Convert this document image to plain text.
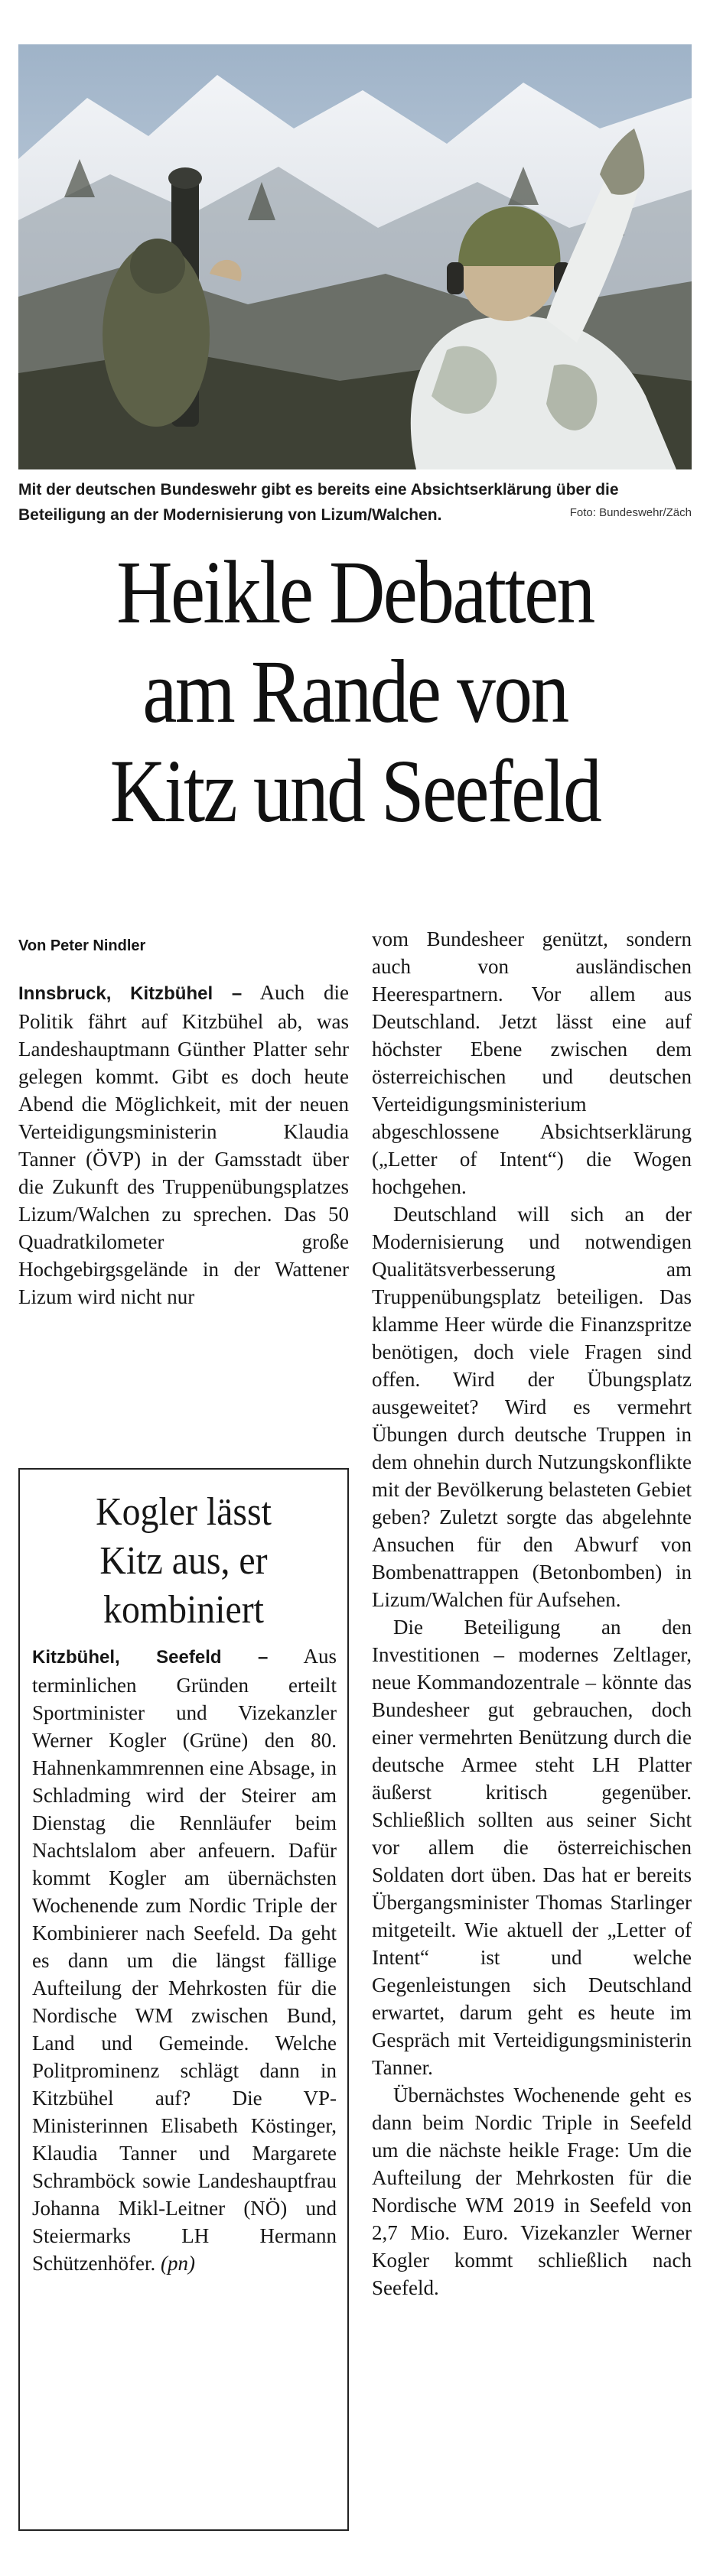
Mit der deutschen Bundeswehr gibt es bereits eine Absichtserklärung über die Beteiligung an der Modernisierung von Lizum/Walchen.	Foto: Bundeswehr/Zäch
Heikle Debatten
am Rande von
Kitz und Seefeld
Von Peter Nindler

Innsbruck, Kitzbühel – Auch die Politik fährt auf Kitzbühel ab, was Landeshauptmann Günther Platter sehr gelegen kommt. Gibt es doch heute Abend die Möglichkeit, mit der neuen Verteidigungsministerin Klaudia Tanner (ÖVP) in der Gamsstadt über die Zukunft des Truppenübungsplatzes Lizum/Walchen zu sprechen. Das 50 Quadratkilometer große Hochgebirgsgelände in der Wattener Lizum wird nicht nur

Kogler lässt
Kitz aus, er
kombiniert

Kitzbühel, Seefeld – Aus terminlichen Gründen erteilt Sportminister und Vizekanzler Werner Kogler (Grüne) den 80. Hahnenkammrennen eine Absage, in Schladming wird der Steirer am Dienstag die Rennläufer beim Nachtslalom aber anfeuern. Dafür kommt Kogler am übernächsten Wochenende zum Nordic Triple der Kombinierer nach Seefeld. Da geht es dann um die längst fällige Aufteilung der Mehrkosten für die Nordische WM zwischen Bund, Land und Gemeinde. Welche Politprominenz schlägt dann in Kitzbühel auf? Die VP-Ministerinnen Elisabeth Köstinger, Klaudia Tanner und Margarete Schramböck sowie Landeshauptfrau Johanna Mikl-Leitner (NÖ) und Steiermarks LH Hermann Schützenhöfer. (pn)

vom Bundesheer genützt, sondern auch von ausländischen Heerespartnern. Vor allem aus Deutschland. Jetzt lässt eine auf höchster Ebene zwischen dem österreichischen und deutschen Verteidigungsministerium abgeschlossene Absichtserklärung („Letter of Intent“) die Wogen hochgehen.

Deutschland will sich an der Modernisierung und notwendigen Qualitätsverbesserung am Truppenübungsplatz beteiligen. Das klamme Heer würde die Finanzspritze benötigen, doch viele Fragen sind offen. Wird der Übungsplatz ausgeweitet? Wird es vermehrt Übungen durch deutsche Truppen in dem ohnehin durch Nutzungskonflikte mit der Bevölkerung belasteten Gebiet geben? Zuletzt sorgte das abgelehnte Ansuchen für den Abwurf von Bombenattrappen (Betonbomben) in Lizum/Walchen für Aufsehen.

Die Beteiligung an den Investitionen – modernes Zeltlager, neue Kommandozentrale – könnte das Bundesheer gut gebrauchen, doch einer vermehrten Benützung durch die deutsche Armee steht LH Platter äußerst kritisch gegenüber. Schließlich sollten aus seiner Sicht vor allem die österreichischen Soldaten dort üben. Das hat er bereits Übergangsminister Thomas Starlinger mitgeteilt. Wie aktuell der „Letter of Intent“ ist und welche Gegenleistungen sich Deutschland erwartet, darum geht es heute im Gespräch mit Verteidigungsministerin Tanner.

Übernächstes Wochenende geht es dann beim Nordic Triple in Seefeld um die nächste heikle Frage: Um die Aufteilung der Mehrkosten für die Nordische WM 2019 in Seefeld von 2,7 Mio. Euro. Vizekanzler Werner Kogler kommt schließlich nach Seefeld.
